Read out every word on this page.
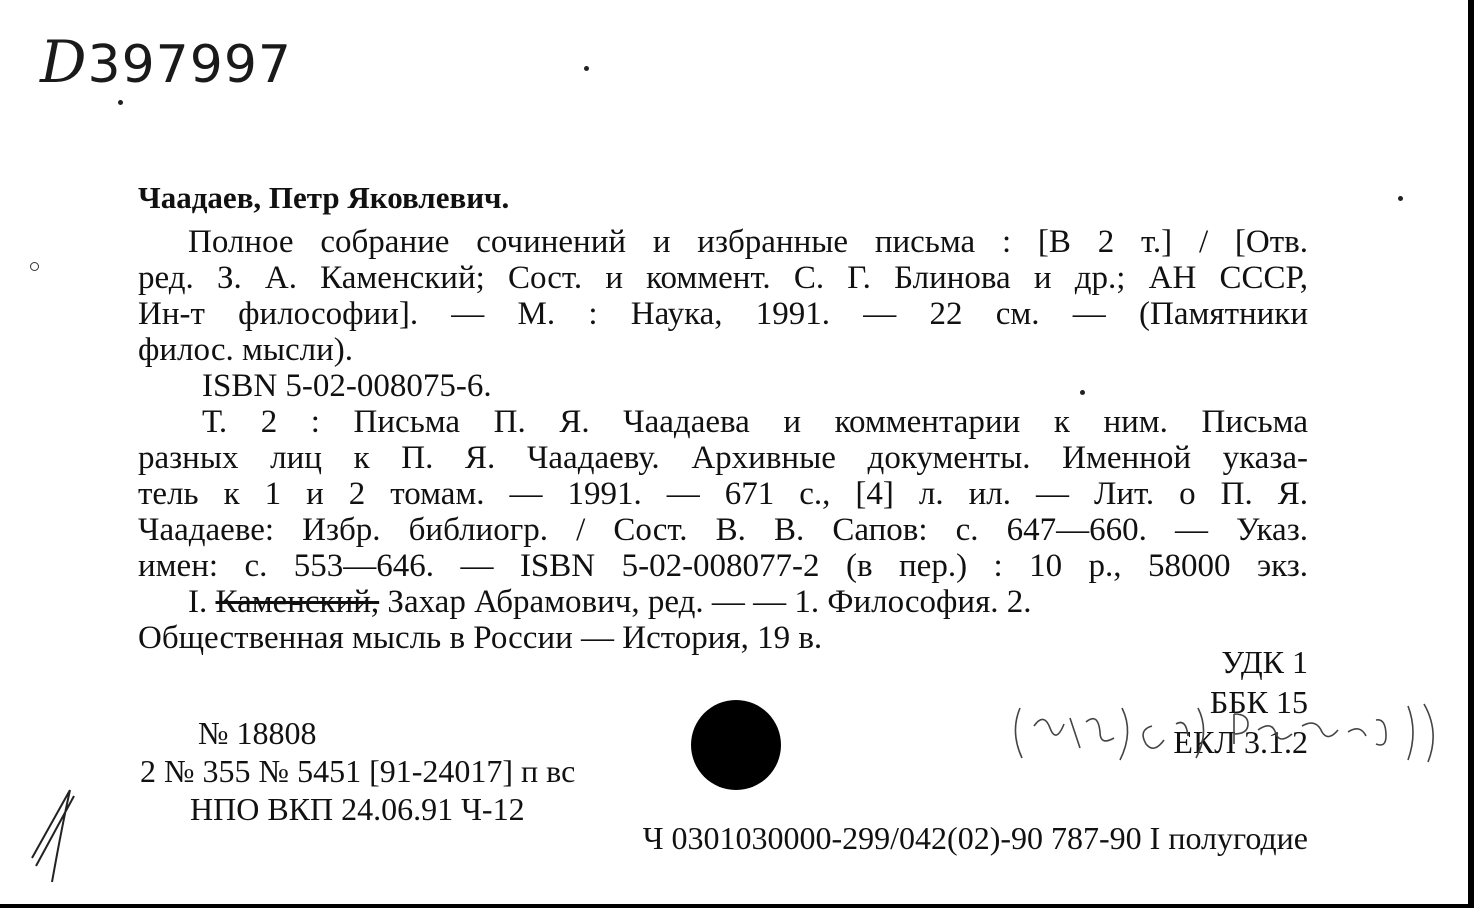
D397997
Чаадаев, Петр Яковлевич.
Полное собрание сочинений и избранные письма : [В 2 т.] / [Отв.
ред. З. А. Каменский; Сост. и коммент. С. Г. Блинова и др.; АН СССР,
Ин-т философии]. — М. : Наука, 1991. — 22 см. — (Памятники
филос. мысли).
ISBN 5-02-008075-6.
Т. 2 : Письма П. Я. Чаадаева и комментарии к ним. Письма
разных лиц к П. Я. Чаадаеву. Архивные документы. Именной указа-
тель к 1 и 2 томам. — 1991. — 671 с., [4] л. ил. — Лит. о П. Я.
Чаадаеве: Избр. библиогр. / Сост. В. В. Сапов: с. 647—660. — Указ.
имен: с. 553—646. — ISBN 5-02-008077-2 (в пер.) : 10 р., 58000 экз.
I. Каменский, Захар Абрамович, ред. — — 1. Философия. 2.
Общественная мысль в России — История, 19 в.
УДК 1
ББК 15
ЕКЛ 3.1.2
№ 18808
2 № 355 № 5451 [91-24017] п вс
НПО ВКП 24.06.91 Ч-12
Ч 0301030000-299/042(02)-90 787-90 I полугодие
